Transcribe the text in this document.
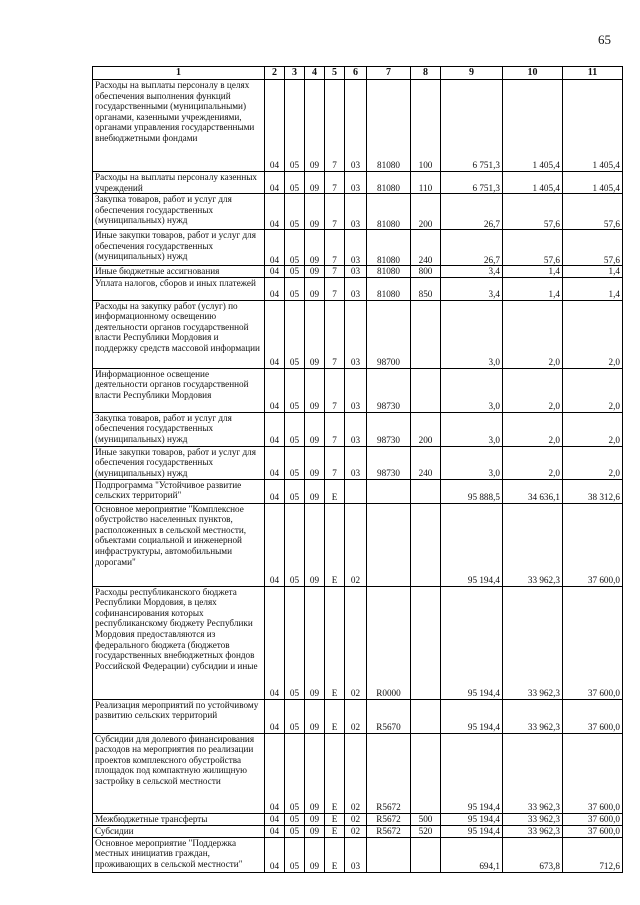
65
1	2	3	4	5	6	7	8	9	10	11
Расходы на выплаты персоналу в целях обеспечения выполнения функций государственными (муниципальными) органами, казенными учреждениями, органами управления государственными внебюджетными фондами	04	05	09	7	03	81080	100	6 751,3	1 405,4	1 405,4
Расходы на выплаты персоналу казенных учреждений	04	05	09	7	03	81080	110	6 751,3	1 405,4	1 405,4
Закупка товаров, работ и услуг для обеспечения государственных (муниципальных) нужд	04	05	09	7	03	81080	200	26,7	57,6	57,6
Иные закупки товаров, работ и услуг для обеспечения государственных (муниципальных) нужд	04	05	09	7	03	81080	240	26,7	57,6	57,6
Иные бюджетные ассигнования	04	05	09	7	03	81080	800	3,4	1,4	1,4
Уплата налогов, сборов и иных платежей	04	05	09	7	03	81080	850	3,4	1,4	1,4
Расходы на закупку работ (услуг) по информационному освещению деятельности органов государственной власти Республики Мордовия и поддержку средств массовой информации	04	05	09	7	03	98700		3,0	2,0	2,0
Информационное освещение деятельности органов государственной власти Республики Мордовия	04	05	09	7	03	98730		3,0	2,0	2,0
Закупка товаров, работ и услуг для обеспечения государственных (муниципальных) нужд	04	05	09	7	03	98730	200	3,0	2,0	2,0
Иные закупки товаров, работ и услуг для обеспечения государственных (муниципальных) нужд	04	05	09	7	03	98730	240	3,0	2,0	2,0
Подпрограмма "Устойчивое развитие сельских территорий"	04	05	09	Е				95 888,5	34 636,1	38 312,6
Основное мероприятие "Комплексное обустройство населенных пунктов, расположенных в сельской местности, объектами социальной и инженерной инфраструктуры, автомобильными дорогами"	04	05	09	Е	02			95 194,4	33 962,3	37 600,0
Расходы республиканского бюджета Республики Мордовия, в целях софинансирования которых республиканскому бюджету Республики Мордовия предоставляются из федерального бюджета (бюджетов государственных внебюджетных фондов Российской Федерации) субсидии и иные	04	05	09	Е	02	R0000		95 194,4	33 962,3	37 600,0
Реализация мероприятий по устойчивому развитию сельских территорий	04	05	09	Е	02	R5670		95 194,4	33 962,3	37 600,0
Субсидии для долевого финансирования расходов на мероприятия по реализации проектов комплексного обустройства площадок под компактную жилищную застройку в сельской местности	04	05	09	Е	02	R5672		95 194,4	33 962,3	37 600,0
Межбюджетные трансферты	04	05	09	Е	02	R5672	500	95 194,4	33 962,3	37 600,0
Субсидии	04	05	09	Е	02	R5672	520	95 194,4	33 962,3	37 600,0
Основное мероприятие "Поддержка местных инициатив граждан, проживающих в сельской местности"	04	05	09	Е	03			694,1	673,8	712,6
